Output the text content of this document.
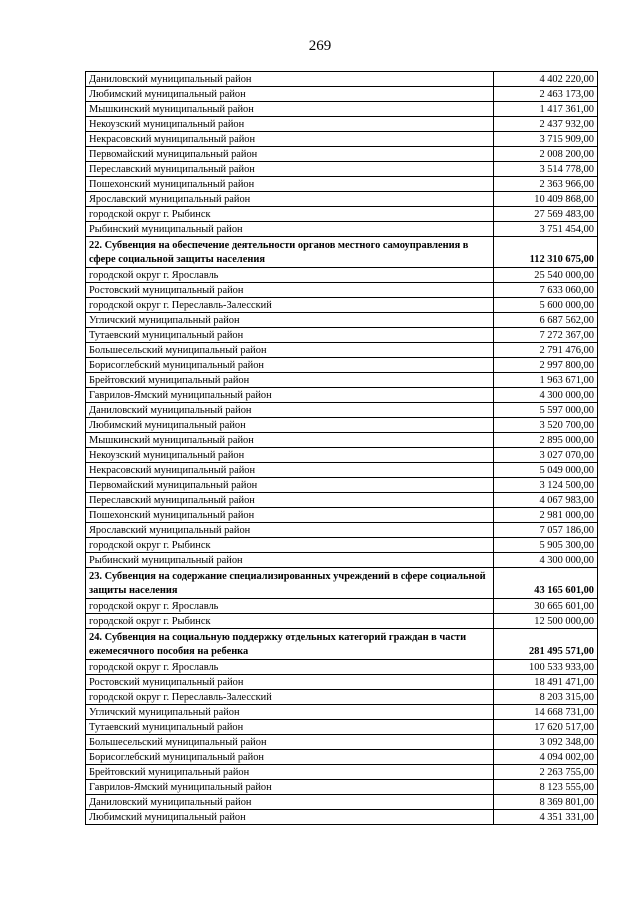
269
Даниловский муниципальный район	4 402 220,00
Любимский муниципальный район	2 463 173,00
Мышкинский муниципальный район	1 417 361,00
Некоузский муниципальный район	2 437 932,00
Некрасовский муниципальный район	3 715 909,00
Первомайский муниципальный район	2 008 200,00
Переславский муниципальный район	3 514 778,00
Пошехонский муниципальный район	2 363 966,00
Ярославский муниципальный район	10 409 868,00
городской округ г. Рыбинск	27 569 483,00
Рыбинский муниципальный район	3 751 454,00
22. Субвенция на обеспечение деятельности органов местного самоуправления в сфере социальной защиты населения	112 310 675,00
городской округ г. Ярославль	25 540 000,00
Ростовский муниципальный район	7 633 060,00
городской округ г. Переславль-Залесский	5 600 000,00
Угличский муниципальный район	6 687 562,00
Тутаевский муниципальный район	7 272 367,00
Большесельский муниципальный район	2 791 476,00
Борисоглебский муниципальный район	2 997 800,00
Брейтовский муниципальный район	1 963 671,00
Гаврилов-Ямский муниципальный район	4 300 000,00
Даниловский муниципальный район	5 597 000,00
Любимский муниципальный район	3 520 700,00
Мышкинский муниципальный район	2 895 000,00
Некоузский муниципальный район	3 027 070,00
Некрасовский муниципальный район	5 049 000,00
Первомайский муниципальный район	3 124 500,00
Переславский муниципальный район	4 067 983,00
Пошехонский муниципальный район	2 981 000,00
Ярославский муниципальный район	7 057 186,00
городской округ г. Рыбинск	5 905 300,00
Рыбинский муниципальный район	4 300 000,00
23. Субвенция на содержание специализированных учреждений в сфере социальной защиты населения	43 165 601,00
городской округ г. Ярославль	30 665 601,00
городской округ г. Рыбинск	12 500 000,00
24. Субвенция на социальную поддержку отдельных категорий граждан в части ежемесячного пособия на ребенка	281 495 571,00
городской округ г. Ярославль	100 533 933,00
Ростовский муниципальный район	18 491 471,00
городской округ г. Переславль-Залесский	8 203 315,00
Угличский муниципальный район	14 668 731,00
Тутаевский муниципальный район	17 620 517,00
Большесельский муниципальный район	3 092 348,00
Борисоглебский муниципальный район	4 094 002,00
Брейтовский муниципальный район	2 263 755,00
Гаврилов-Ямский муниципальный район	8 123 555,00
Даниловский муниципальный район	8 369 801,00
Любимский муниципальный район	4 351 331,00
